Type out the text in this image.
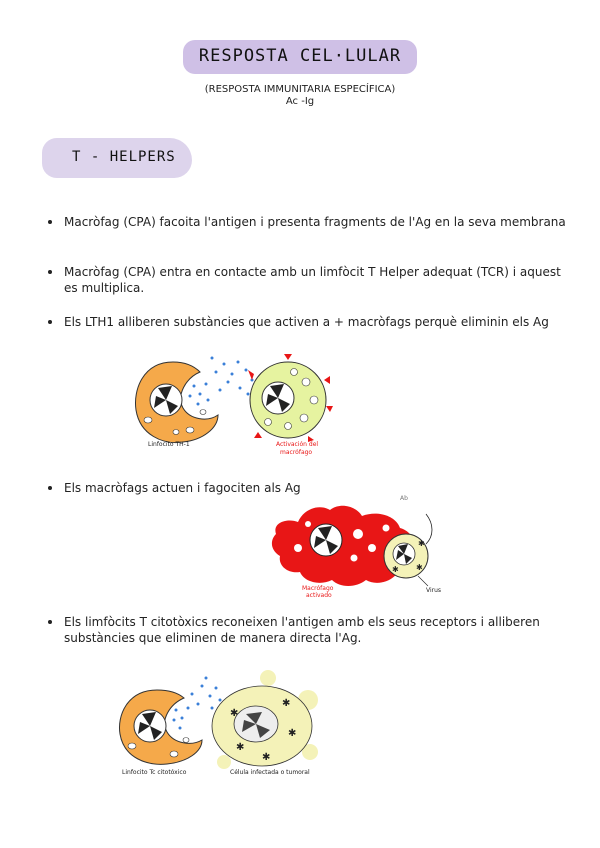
RESPOSTA CEL·LULAR
(RESPOSTA IMMUNITARIA ESPECÍFICA)
Ac -Ig
T - HELPERS
Macròfag (CPA) facoita l'antigen i presenta fragments de l'Ag en la seva membrana
Macròfag (CPA) entra en contacte amb un limfòcit T Helper adequat (TCR) i aquest es multiplica.
Els LTH1 alliberen substàncies que activen a + macròfags perquè eliminin els Ag
Linfocito TH-1	Activación del
macrófago
Els macròfags actuen i fagociten als Ag
✱
✱
✱
Ab
Virus
Macrófago
activado
Els limfòcits T citotòxics reconeixen l'antigen amb els seus receptors i alliberen substàncies que eliminen de manera directa l'Ag.
✱
✱
✱
✱
✱
Linfocito Tc citotóxico	Célula infectada o tumoral
